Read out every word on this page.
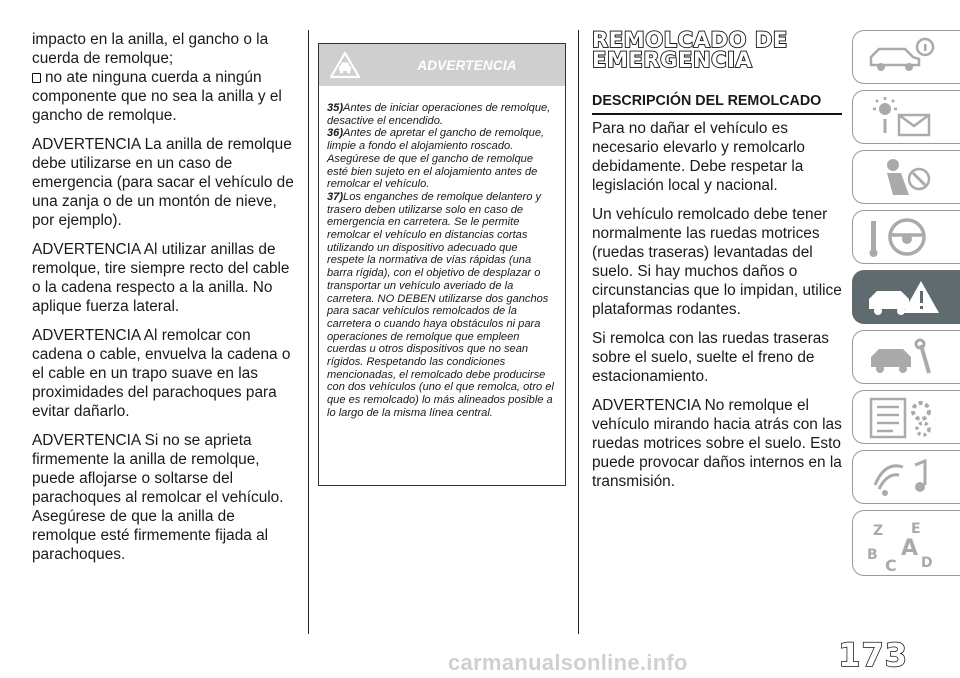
impacto en la anilla, el gancho o la cuerda de remolque;

no ate ninguna cuerda a ningún componente que no sea la anilla y el gancho de remolque.

ADVERTENCIA La anilla de remolque debe utilizarse en un caso de emergencia (para sacar el vehículo de una zanja o de un montón de nieve, por ejemplo).

ADVERTENCIA Al utilizar anillas de remolque, tire siempre recto del cable o la cadena respecto a la anilla. No aplique fuerza lateral.

ADVERTENCIA Al remolcar con cadena o cable, envuelva la cadena o el cable en un trapo suave en las proximidades del parachoques para evitar dañarlo.

ADVERTENCIA Si no se aprieta firmemente la anilla de remolque, puede aflojarse o soltarse del parachoques al remolcar el vehículo. Asegúrese de que la anilla de remolque esté firmemente fijada al parachoques.

ADVERTENCIA

35)Antes de iniciar operaciones de remolque, desactive el encendido.

36)Antes de apretar el gancho de remolque, limpie a fondo el alojamiento roscado. Asegúrese de que el gancho de remolque esté bien sujeto en el alojamiento antes de remolcar el vehículo.

37)Los enganches de remolque delantero y trasero deben utilizarse solo en caso de emergencia en carretera. Se le permite remolcar el vehículo en distancias cortas utilizando un dispositivo adecuado que respete la normativa de vías rápidas (una barra rígida), con el objetivo de desplazar o transportar un vehículo averiado de la carretera. NO DEBEN utilizarse dos ganchos para sacar vehículos remolcados de la carretera o cuando haya obstáculos ni para operaciones de remolque que empleen cuerdas u otros dispositivos que no sean rígidos. Respetando las condiciones mencionadas, el remolcado debe producirse con dos vehículos (uno el que remolca, otro el que es remolcado) lo más alineados posible a lo largo de la misma línea central.

REMOLCADO DE
EMERGENCIA
DESCRIPCIÓN DEL REMOLCADO

Para no dañar el vehículo es necesario elevarlo y remolcarlo debidamente. Debe respetar la legislación local y nacional.

Un vehículo remolcado debe tener normalmente las ruedas motrices (ruedas traseras) levantadas del suelo. Si hay muchos daños o circunstancias que lo impidan, utilice plataformas rodantes.

Si remolca con las ruedas traseras sobre el suelo, suelte el freno de estacionamiento.

ADVERTENCIA No remolque el vehículo mirando hacia atrás con las ruedas motrices sobre el suelo. Esto puede provocar daños internos en la transmisión.

Z E
B A
C D
carmanualsonline.info	173
